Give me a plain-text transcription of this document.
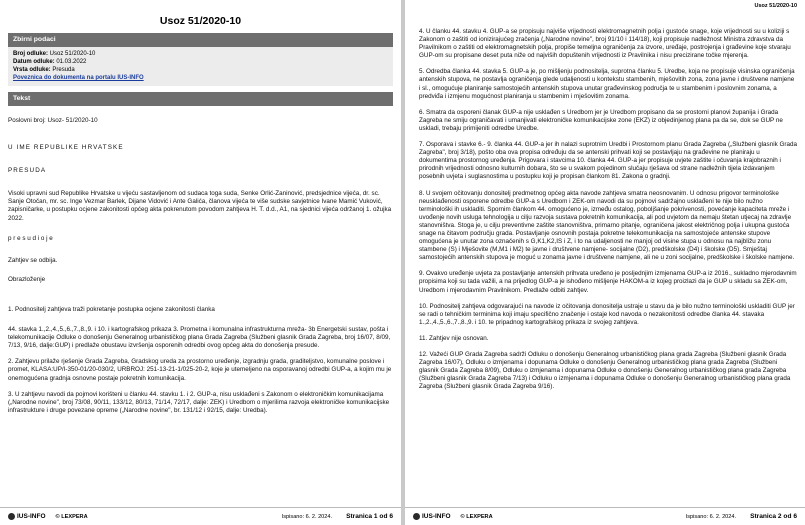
Usoz 51/2020-10
Zbirni podaci
Broj odluke: Usoz 51/2020-10
Datum odluke: 01.03.2022
Vrsta odluke: Presuda
Poveznica do dokumenta na portalu IUS-INFO
Tekst

Poslovni broj: Usoz- 51/2020-10

U IME REPUBLIKE HRVATSKE

PRESUDA

Visoki upravni sud Republike Hrvatske u vijeću sastavljenom od sudaca toga suda, Senke Orlić-Zaninović, predsjednice vijeća, dr. sc. Sanje Otočan, mr. sc. Inge Vezmar Barlek, Dijane Vidović i Ante Galića, članova vijeća te više sudske savjetnice Ivane Mamić Vuković, zapisničarke, u postupku ocjene zakonitosti općeg akta pokrenutom povodom zahtjeva H. T. d.d., A1, na sjednici vijeća održanoj 1. ožujka 2022.

p r e s u d i o j e

Zahtjev se odbija.

Obrazloženje

1. Podnositelj zahtjeva traži pokretanje postupka ocjene zakonitosti članka

44. stavka 1.,2.,4.,5.,6.,7.,8.,9. i 10. i kartografskog prikaza 3. Prometna i komunalna infrastrukturna mreža- 3b Energetski sustav, pošta i telekomunikacije Odluke o donošenju Generalnog urbanističkog plana Grada Zagreba (Službeni glasnik Grada Zagreba, broj 16/07, 8/09, 7/13, 9/16, dalje:GUP) i predlaže obustavu izvršenja osporenih odredbi ovog općeg akta do donošenja presude.

2. Zahtjevu prilaže rješenje Grada Zagreba, Gradskog ureda za prostorno uređenje, izgradnju grada, graditeljstvo, komunalne poslove i promet, KLASA:UP/I-350-01/20-030/2, URBROJ: 251-13-21-1/025-20-2, koje je utemeljeno na osporavanoj odredbi GUP-a, a kojim mu je onemogućena gradnja osnovne postaje pokretnih komunikacija.

3. U zahtjevu navodi da pojmovi korišteni u članku 44. stavku 1. i 2. GUP-a, nisu usklađeni s Zakonom o elektroničkim komunikacijama („Narodne novine", broj 73/08, 90/11, 133/12, 80/13, 71/14, 72/17, dalje: ZEK) i Uredbom o mjerilima razvoja elektroničke komunikacijske infrastrukture i druge povezane opreme („Narodne novine", br. 131/12 i 92/15, dalje: Uredba).

IUS-INFO © LEXPERA	Ispisano: 6. 2. 2024. Stranica 1 od 6
Usoz 51/2020-10

4. U članku 44. stavku 4. GUP-a se propisuju najviše vrijednosti elektromagnetnih polja i gustoće snage, koje vrijednosti su u koliziji s Zakonom o zaštiti od ionizirajućeg zračenja („Narodne novine", broj 91/10 i 114/18), koji propisuje nadležnost Ministra zdravstva da Pravilnikom o zaštiti od elektromagnetskih polja, propiše temeljna ograničenja za izvore, uređaje, postrojenja i građevine koje stvaraju GUP-om su propisane deset puta niže od najviših dopuštenih vrijednosti iz Pravilnika i nisu precizirane točke mjerenja.

5. Odredba članka 44. stavka 5. GUP-a je, po mišljenju podnositelja, suprotna članku 5. Uredbe, koja ne propisuje visinska ograničenja antenskih stupova, ne postavlja ograničenja glede udaljenosti u kontekstu stambenih, mješovitih zona, zona javne i društvene namjene i sl., omogućuje planiranje samostojećih antenskih stupova unutar građevinskog područja te u stambenim i poslovnim zonama, a predviđa i izmjenu mogućnost planiranja u stambenim i mješovitim zonama.

6. Smatra da osporeni članak GUP-a nije usklađen s Uredbom jer je Uredbom propisano da se prostorni planovi županija i Grada Zagreba ne smiju ograničavati i umanjivati elektroničke komunikacijske zone (EKZ) iz objedinjenog plana pa da se, dok se GUP ne uskladi, trebaju primijeniti odredbe Uredbe.

7. Osporava i stavke 6.- 9. članka 44. GUP-a jer ih nalazi suprotnim Uredbi i Prostornom planu Grada Zagreba („Službeni glasnik Grada Zagreba", broj 3/18), pošto oba ova propisa određuju da se antenski prihvati koji se postavljaju na građevine ne planiraju u dokumentima prostornog uređenja. Prigovara i stavcima 10. članka 44. GUP-a jer propisuje uvjete zaštite i očuvanja krajobraznih i prirodnih vrijednosti odnosno kulturnih dobara, što se u svakom pojedinom slučaju rješava od strane nadležnih tijela izdavanjem posebnih uvjeta i suglasnostima u postupku koji je propisan člankom 81. Zakona o gradnji.

8. U svojem očitovanju donositelj predmetnog općeg akta navode zahtjeva smatra neosnovanim. U odnosu prigovor terminološke neusklađenosti osporene odredbe GUP-a s Uredbom i ZEK-om navodi da su pojmovi sadržajno usklađeni te nije bilo nužno terminološki ih uskladiti. Spornim člankom 44. omogućeno je, između ostalog, poboljšanje pokrivenosti, povećanje kapaciteta mreže i uvođenje novih usluga tehnologija u cilju razvoja sustava pokretnih komunikacija, ali pod uvjetom da nemaju štetan utjecaj na zdravlje stanovništva. Stoga je, u cilju preventivne zaštite stanovništva, primarno pitanje, ograničena jakost električnog polja i ukupna gustoća snage na čitavom području grada. Postavljanje osnovnih postaja pokretne telekomunikacija na samostojeće antenske stupove omogućena je unutar zona označenih s G,K1,K2,IS i Z, i to na udaljenosti ne manjoj od visine stupa u odnosu na najbližu zonu stambene (S) i Mješovite (M,M1 i M2) te javne i društvene namjene- socijalne (D2), predškolske (D4) i školske (D5). Smještaj samostojećih antenskih stupova je moguć u zonama javne i društvene namjene, ali ne u zoni socijalne, predškolske i školske namjene.

9. Ovakvo uređenje uvjeta za postavljanje antenskih prihvata uređeno je posljednjim izmjenama GUP-a iz 2016., sukladno mjerodavnim propisima koji su tada važili, a na prijedlog GUP-a je ishođeno mišljenje HAKOM-a iz kojeg proizlazi da je GUP u skladu sa ZEK-om, Uredbom i mjerodavnim Pravilnikom. Predlaže odbiti zahtjev.

10. Podnositelj zahtjeva odgovarajući na navode iz očitovanja donositelja ustraje u stavu da je bilo nužno terminološki uskladiti GUP jer se radi o tehničkim terminima koji imaju specifično značenje i ostaje kod navoda o nezakonitosti odredbe članka 44. stavaka 1.,2.,4.,5.,6.,7.,8.,9. i 10. te pripadnog kartografskog prikaza iz svojeg zahtjeva.

11. Zahtjev nije osnovan.

12. Važeći GUP Grada Zagreba sadrži Odluku o donošenju Generalnog urbanističkog plana grada Zagreba (Službeni glasnik Grada Zagreba 16/07), Odluku o izmjenama i dopunama Odluke o donošenju Generalnog urbanističkog plana grada Zagreba (Službeni glasnik Grada Zagreba 8/09), Odluku o izmjenama i dopunama Odluke o donošenju Generalnog urbanističkog plana grada Zagreba (Službeni glasnik Grada Zagreba 7/13) i Odluku o izmjenama i dopunama Odluke o donošenju Generalnog urbanističkog plana grada Zagreba (Službeni glasnik Grada Zagreba 9/16).

IUS-INFO © LEXPERA	Ispisano: 6. 2. 2024. Stranica 2 od 6
